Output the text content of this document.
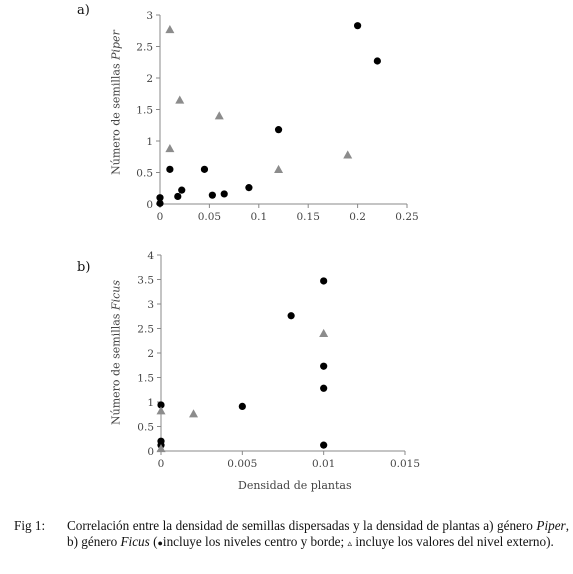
a)
Número de semillas Piper
0	0.05	0.1	0.15	0.2	0.25
0
0.5
1
1.5
2
2.5
3
b)
Número de semillas Ficus
0	0.005	0.01	0.015
0
0.5
1
1.5
2
2.5
3
3.5
4
Densidad de plantas
Fig 1: Correlación entre la densidad de semillas dispersadas y la densidad de plantas a) género Piper, b) género Ficus (●incluye los niveles centro y borde; ▵ incluye los valores del nivel externo).
